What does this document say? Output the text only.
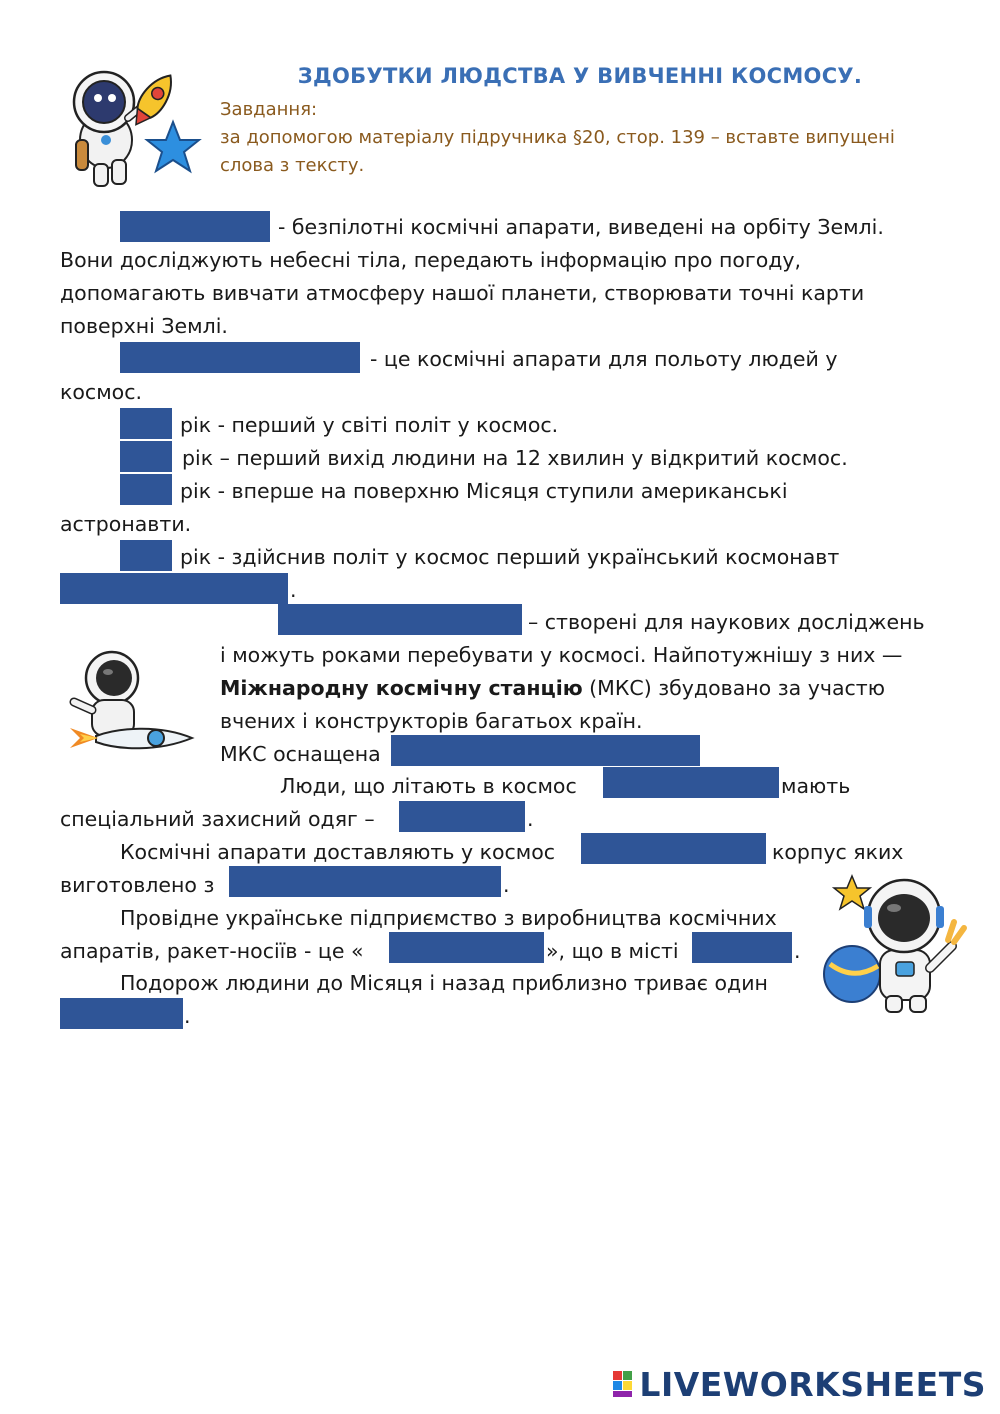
ЗДОБУТКИ ЛЮДСТВА У ВИВЧЕННІ КОСМОСУ.
Завдання:
за допомогою матеріалу підручника §20, стор. 139 – вставте випущені
слова з тексту.
- безпілотні космічні апарати, виведені на орбіту Землі.
Вони досліджують небесні тіла, передають інформацію про погоду,
допомагають вивчати атмосферу нашої планети, створювати точні карти
поверхні Землі.
- це космічні апарати для польоту людей у
космос.
рік - перший у світі політ у космос.
рік – перший вихід людини на 12 хвилин у відкритий космос.
рік - вперше на поверхню Місяця ступили американські
астронавти.
рік - здійснив політ у космос перший український космонавт
.
– створені для наукових досліджень
і можуть роками перебувати у космосі. Найпотужнішу з них —
Міжнародну космічну станцію (МКС) збудовано за участю
вчених і конструкторів багатьох країн.
МКС оснащена
Люди, що літають в космос	мають
спеціальний захисний одяг –	.
Космічні апарати доставляють у космос	корпус яких
виготовлено з	.
Провідне українське підприємство з виробництва космічних
апаратів, ракет-носіїв - це «	», що в місті	.
Подорож людини до Місяця і назад приблизно триває один
.
LIVEWORKSHEETS
